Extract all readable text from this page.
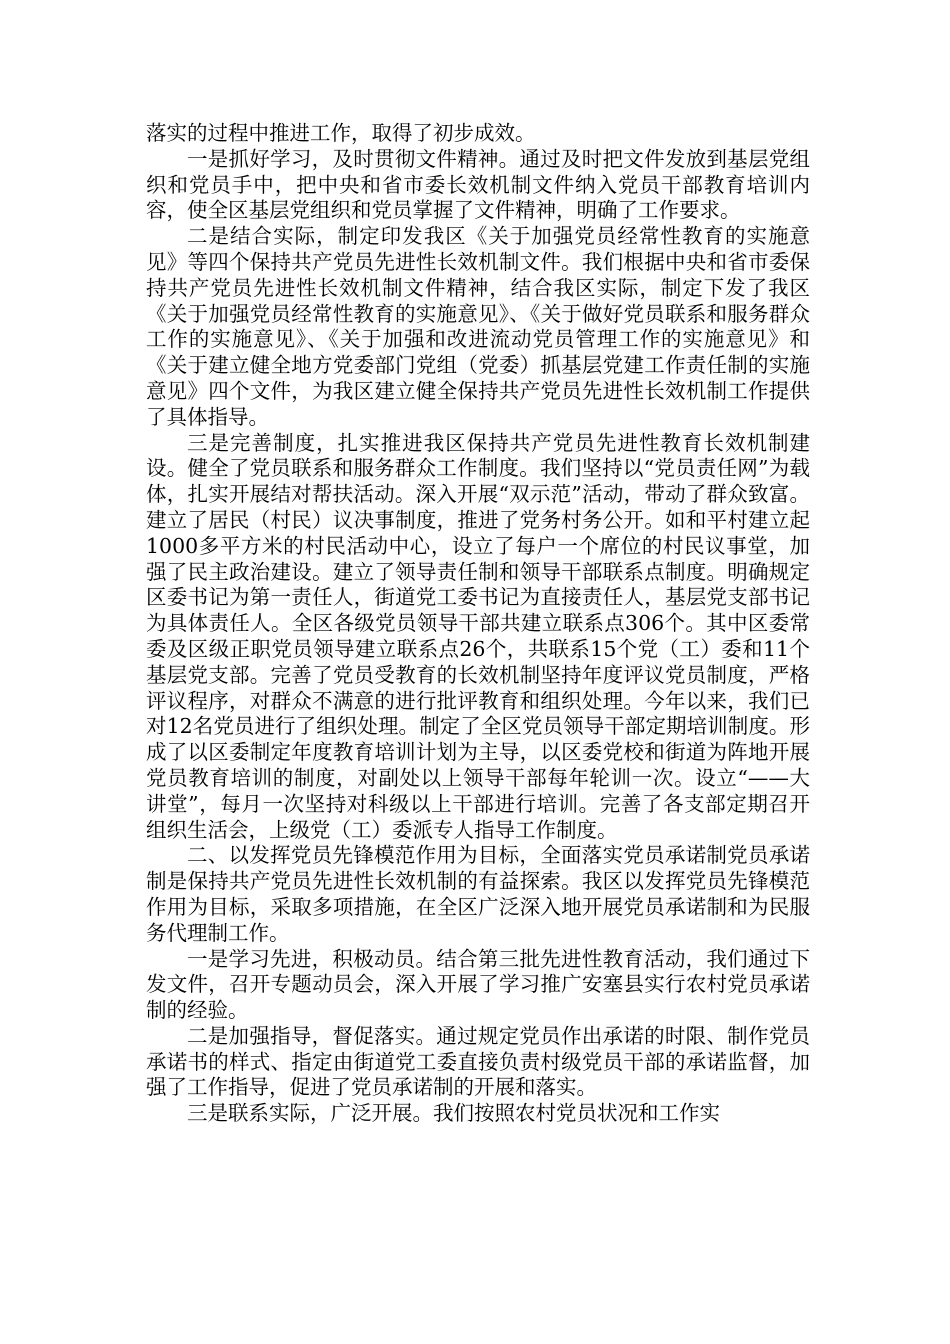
落实的过程中推进工作，取得了初步成效。

一是抓好学习，及时贯彻文件精神。通过及时把文件发放到基层党组织和党员手中，把中央和省市委长效机制文件纳入党员干部教育培训内容，使全区基层党组织和党员掌握了文件精神，明确了工作要求。

二是结合实际，制定印发我区《关于加强党员经常性教育的实施意见》等四个保持共产党员先进性长效机制文件。我们根据中央和省市委保持共产党员先进性长效机制文件精神，结合我区实际，制定下发了我区《关于加强党员经常性教育的实施意见》、《关于做好党员联系和服务群众工作的实施意见》、《关于加强和改进流动党员管理工作的实施意见》和《关于建立健全地方党委部门党组（党委）抓基层党建工作责任制的实施意见》四个文件，为我区建立健全保持共产党员先进性长效机制工作提供了具体指导。

三是完善制度，扎实推进我区保持共产党员先进性教育长效机制建设。健全了党员联系和服务群众工作制度。我们坚持以“党员责任网”为载体，扎实开展结对帮扶活动。深入开展“双示范”活动，带动了群众致富。建立了居民（村民）议决事制度，推进了党务村务公开。如和平村建立起1000多平方米的村民活动中心，设立了每户一个席位的村民议事堂，加强了民主政治建设。建立了领导责任制和领导干部联系点制度。明确规定区委书记为第一责任人，街道党工委书记为直接责任人，基层党支部书记为具体责任人。全区各级党员领导干部共建立联系点306个。其中区委常委及区级正职党员领导建立联系点26个，共联系15个党（工）委和11个基层党支部。完善了党员受教育的长效机制坚持年度评议党员制度，严格评议程序，对群众不满意的进行批评教育和组织处理。今年以来，我们已对12名党员进行了组织处理。制定了全区党员领导干部定期培训制度。形成了以区委制定年度教育培训计划为主导，以区委党校和街道为阵地开展党员教育培训的制度，对副处以上领导干部每年轮训一次。设立“——大讲堂”，每月一次坚持对科级以上干部进行培训。完善了各支部定期召开组织生活会，上级党（工）委派专人指导工作制度。

二、以发挥党员先锋模范作用为目标，全面落实党员承诺制党员承诺制是保持共产党员先进性长效机制的有益探索。我区以发挥党员先锋模范作用为目标，采取多项措施，在全区广泛深入地开展党员承诺制和为民服务代理制工作。

一是学习先进，积极动员。结合第三批先进性教育活动，我们通过下发文件，召开专题动员会，深入开展了学习推广安塞县实行农村党员承诺制的经验。

二是加强指导，督促落实。通过规定党员作出承诺的时限、制作党员承诺书的样式、指定由街道党工委直接负责村级党员干部的承诺监督，加强了工作指导，促进了党员承诺制的开展和落实。

三是联系实际，广泛开展。我们按照农村党员状况和工作实
